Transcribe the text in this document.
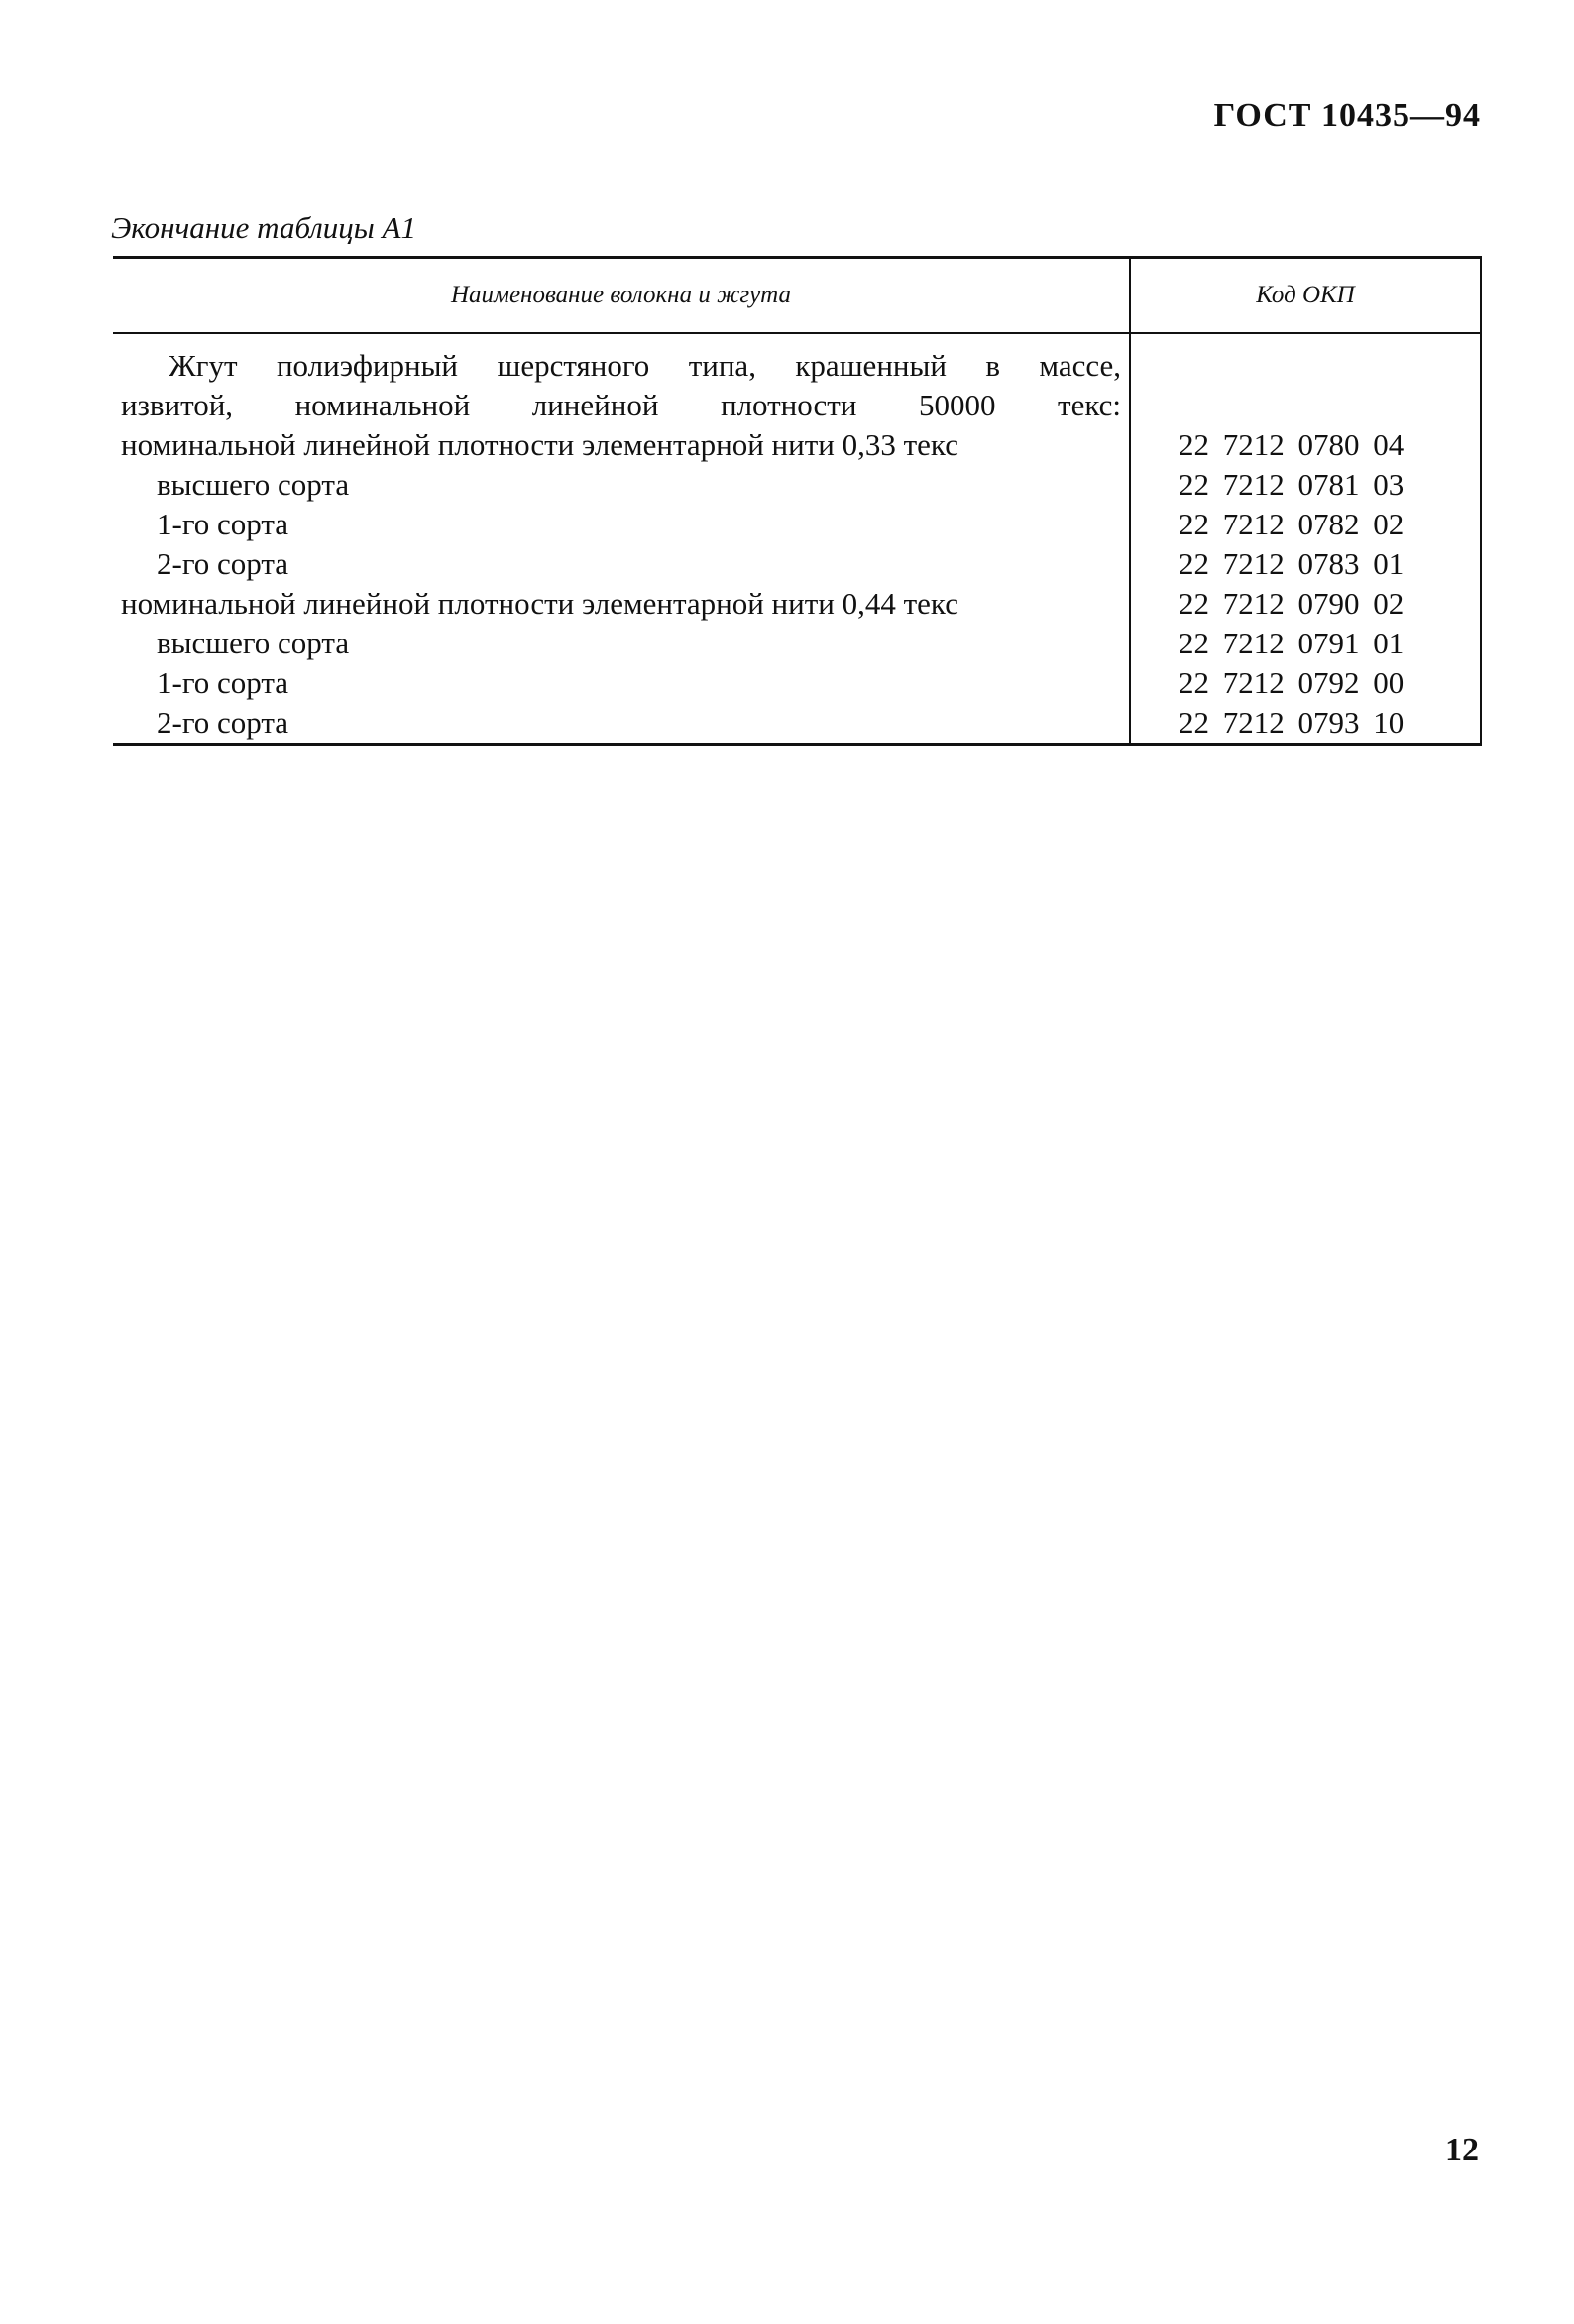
ГОСТ 10435—94
Экончание таблицы А1
Наименование волокна и жгута	Код ОКП

Жгут полиэфирный шерстяного типа, крашенный в массе,	

извитой, номинальной линейной плотности 50000 текс:	

номинальной линейной плотности элементарной нити 0,33 текс	22 7212 0780 04
высшего сорта	22 7212 0781 03
1-го сорта	22 7212 0782 02
2-го сорта	22 7212 0783 01
номинальной линейной плотности элементарной нити 0,44 текс	22 7212 0790 02
высшего сорта	22 7212 0791 01
1-го сорта	22 7212 0792 00
2-го сорта	22 7212 0793 10
12
